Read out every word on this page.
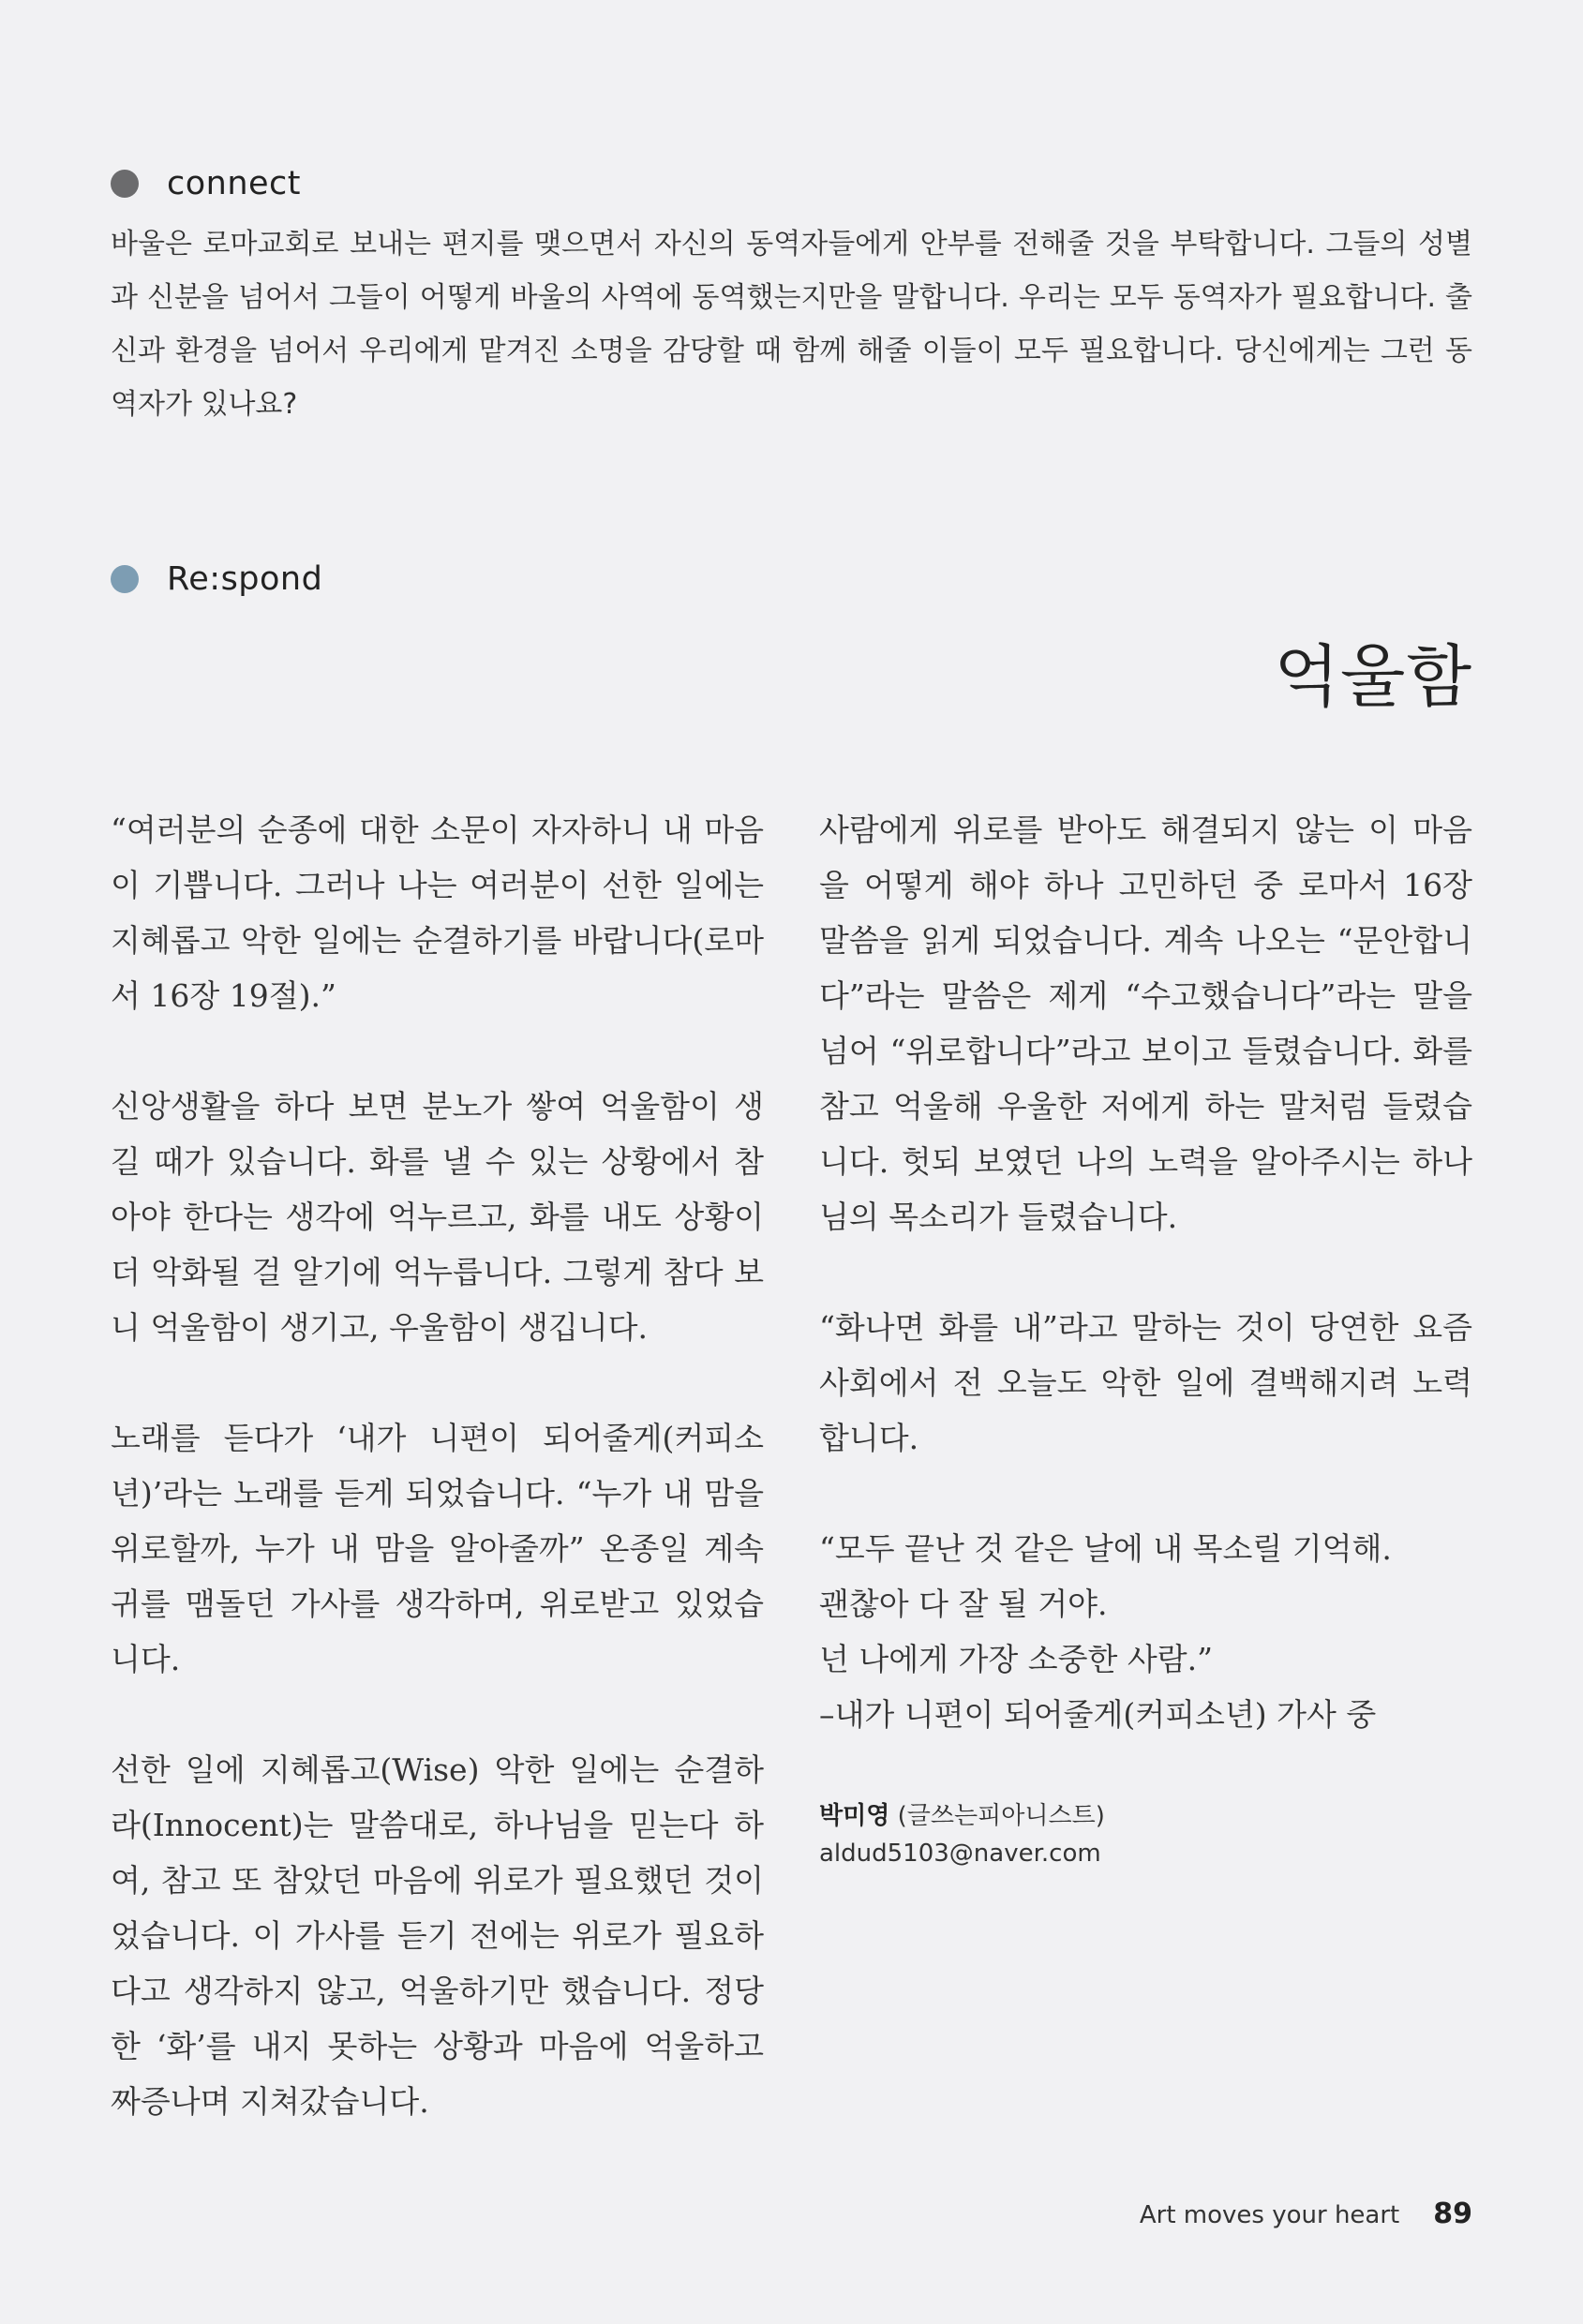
connect

바울은 로마교회로 보내는 편지를 맺으면서 자신의 동역자들에게 안부를 전해줄 것을 부탁합니다. 그들의 성별과 신분을 넘어서 그들이 어떻게 바울의 사역에 동역했는지만을 말합니다. 우리는 모두 동역자가 필요합니다. 출신과 환경을 넘어서 우리에게 맡겨진 소명을 감당할 때 함께 해줄 이들이 모두 필요합니다. 당신에게는 그런 동역자가 있나요?

Re:spond
억울함

“여러분의 순종에 대한 소문이 자자하니 내 마음이 기쁩니다. 그러나 나는 여러분이 선한 일에는 지혜롭고 악한 일에는 순결하기를 바랍니다(로마서 16장 19절).”

신앙생활을 하다 보면 분노가 쌓여 억울함이 생길 때가 있습니다. 화를 낼 수 있는 상황에서 참아야 한다는 생각에 억누르고, 화를 내도 상황이 더 악화될 걸 알기에 억누릅니다. 그렇게 참다 보니 억울함이 생기고, 우울함이 생깁니다.

노래를 듣다가 ‘내가 니편이 되어줄게(커피소년)’라는 노래를 듣게 되었습니다. “누가 내 맘을 위로할까, 누가 내 맘을 알아줄까” 온종일 계속 귀를 맴돌던 가사를 생각하며, 위로받고 있었습니다.

선한 일에 지혜롭고(Wise) 악한 일에는 순결하라(Innocent)는 말씀대로, 하나님을 믿는다 하여, 참고 또 참았던 마음에 위로가 필요했던 것이었습니다. 이 가사를 듣기 전에는 위로가 필요하다고 생각하지 않고, 억울하기만 했습니다. 정당한 ‘화’를 내지 못하는 상황과 마음에 억울하고 짜증나며 지쳐갔습니다.

사람에게 위로를 받아도 해결되지 않는 이 마음을 어떻게 해야 하나 고민하던 중 로마서 16장 말씀을 읽게 되었습니다. 계속 나오는 “문안합니다”라는 말씀은 제게 “수고했습니다”라는 말을 넘어 “위로합니다”라고 보이고 들렸습니다. 화를 참고 억울해 우울한 저에게 하는 말처럼 들렸습니다. 헛되 보였던 나의 노력을 알아주시는 하나님의 목소리가 들렸습니다.

“화나면 화를 내”라고 말하는 것이 당연한 요즘 사회에서 전 오늘도 악한 일에 결백해지려 노력합니다.

“모두 끝난 것 같은 날에 내 목소릴 기억해.
괜찮아 다 잘 될 거야.
넌 나에게 가장 소중한 사람.”
–내가 니편이 되어줄게(커피소년) 가사 중

박미영 (글쓰는피아니스트)
aldud5103@naver.com
Art moves your heart 89
